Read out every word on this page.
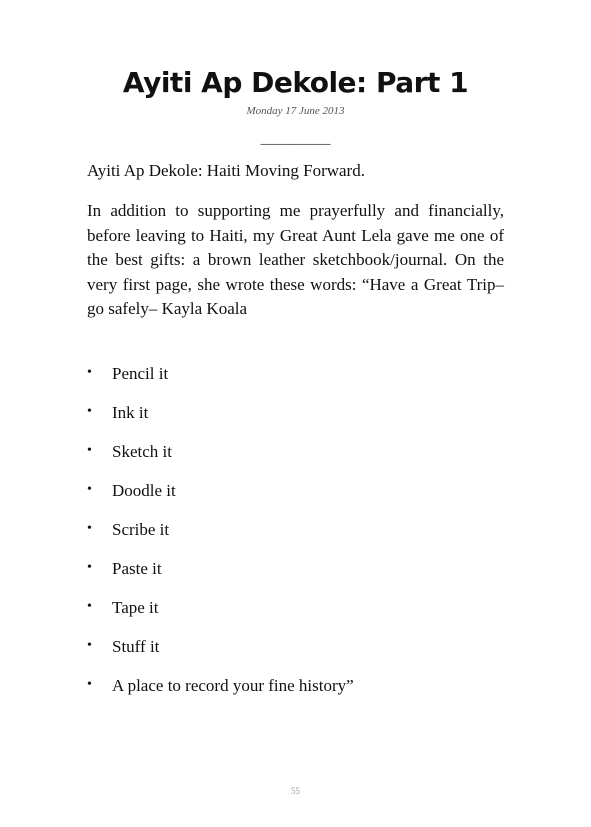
Ayiti Ap Dekole: Part 1
Monday 17 June 2013
__________

Ayiti Ap Dekole: Haiti Moving Forward.

In addition to supporting me prayerfully and financially, before leaving to Haiti, my Great Aunt Lela gave me one of the best gifts: a brown leather sketchbook/journal. On the very first page, she wrote these words: “Have a Great Trip–go safely– Kayla Koala

• Pencil it
• Ink it
• Sketch it
• Doodle it
• Scribe it
• Paste it
• Tape it
• Stuff it
• A place to record your fine history”
55
